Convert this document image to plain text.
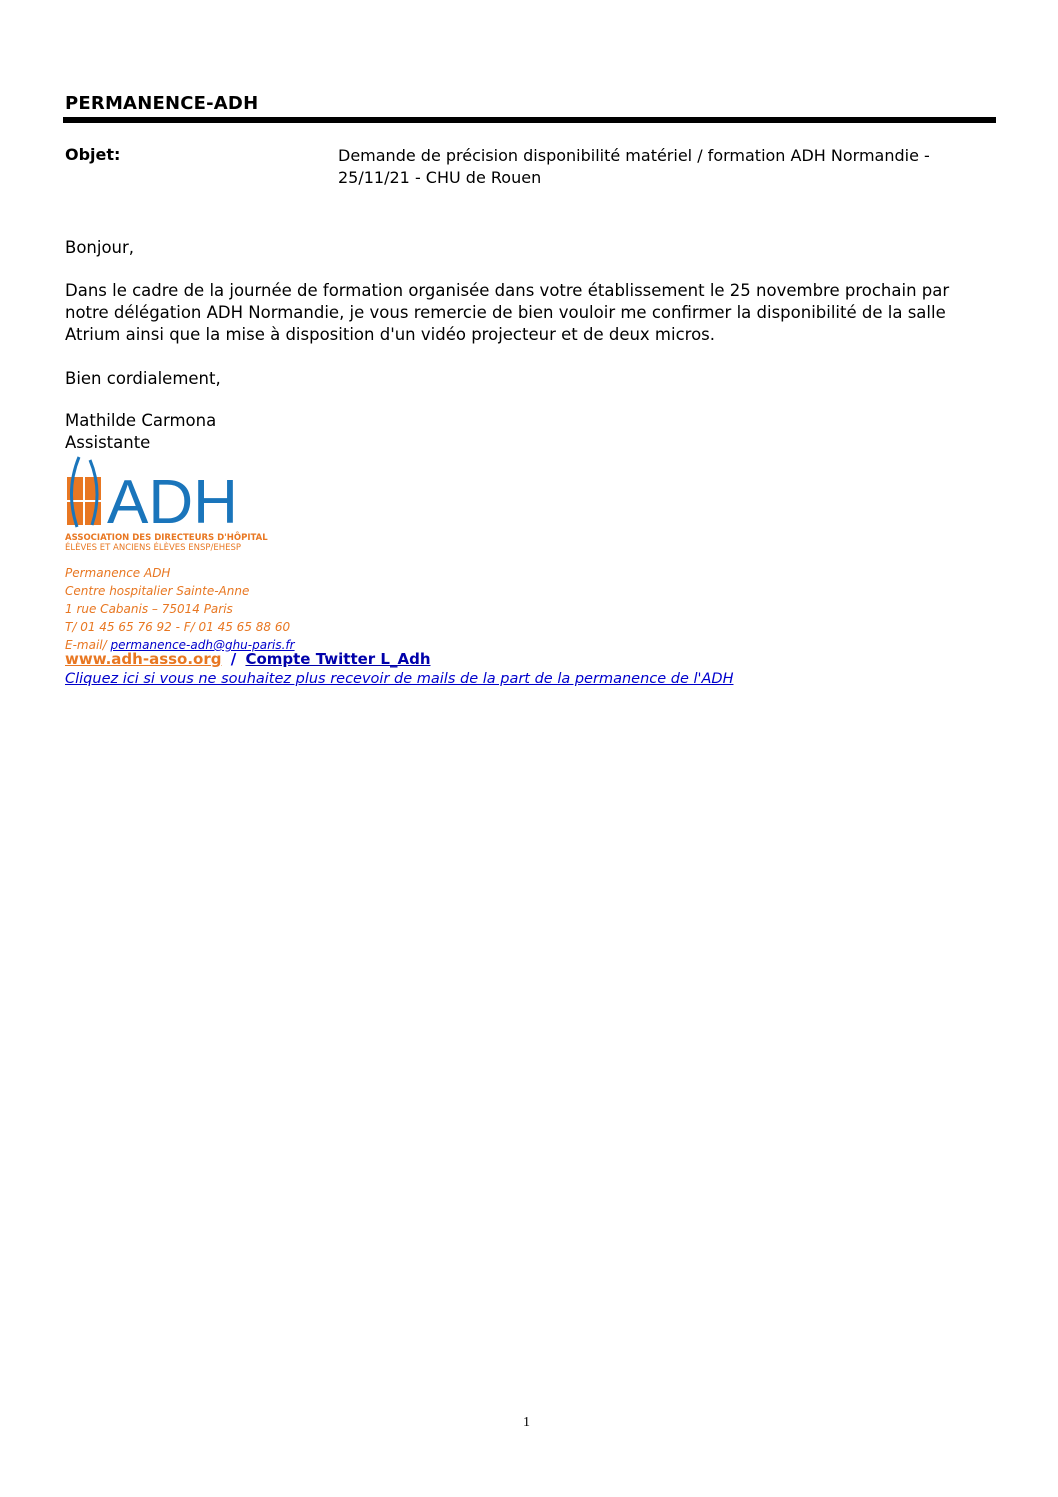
PERMANENCE-ADH
Objet:	Demande de précision disponibilité matériel / formation ADH Normandie -
25/11/21 - CHU de Rouen
Bonjour,
Dans le cadre de la journée de formation organisée dans votre établissement le 25 novembre prochain par
notre délégation ADH Normandie, je vous remercie de bien vouloir me confirmer la disponibilité de la salle
Atrium ainsi que la mise à disposition d'un vidéo projecteur et de deux micros.
Bien cordialement,
Mathilde Carmona
Assistante
ADH
ASSOCIATION DES DIRECTEURS D'HÔPITAL
ÉLÈVES ET ANCIENS ÉLÈVES ENSP/EHESP
Permanence ADH
Centre hospitalier Sainte-Anne
1 rue Cabanis – 75014 Paris
T/ 01 45 65 76 92 - F/ 01 45 65 88 60
E-mail/ permanence-adh@ghu-paris.fr
www.adh-asso.org / Compte Twitter L_Adh
Cliquez ici si vous ne souhaitez plus recevoir de mails de la part de la permanence de l'ADH
1
